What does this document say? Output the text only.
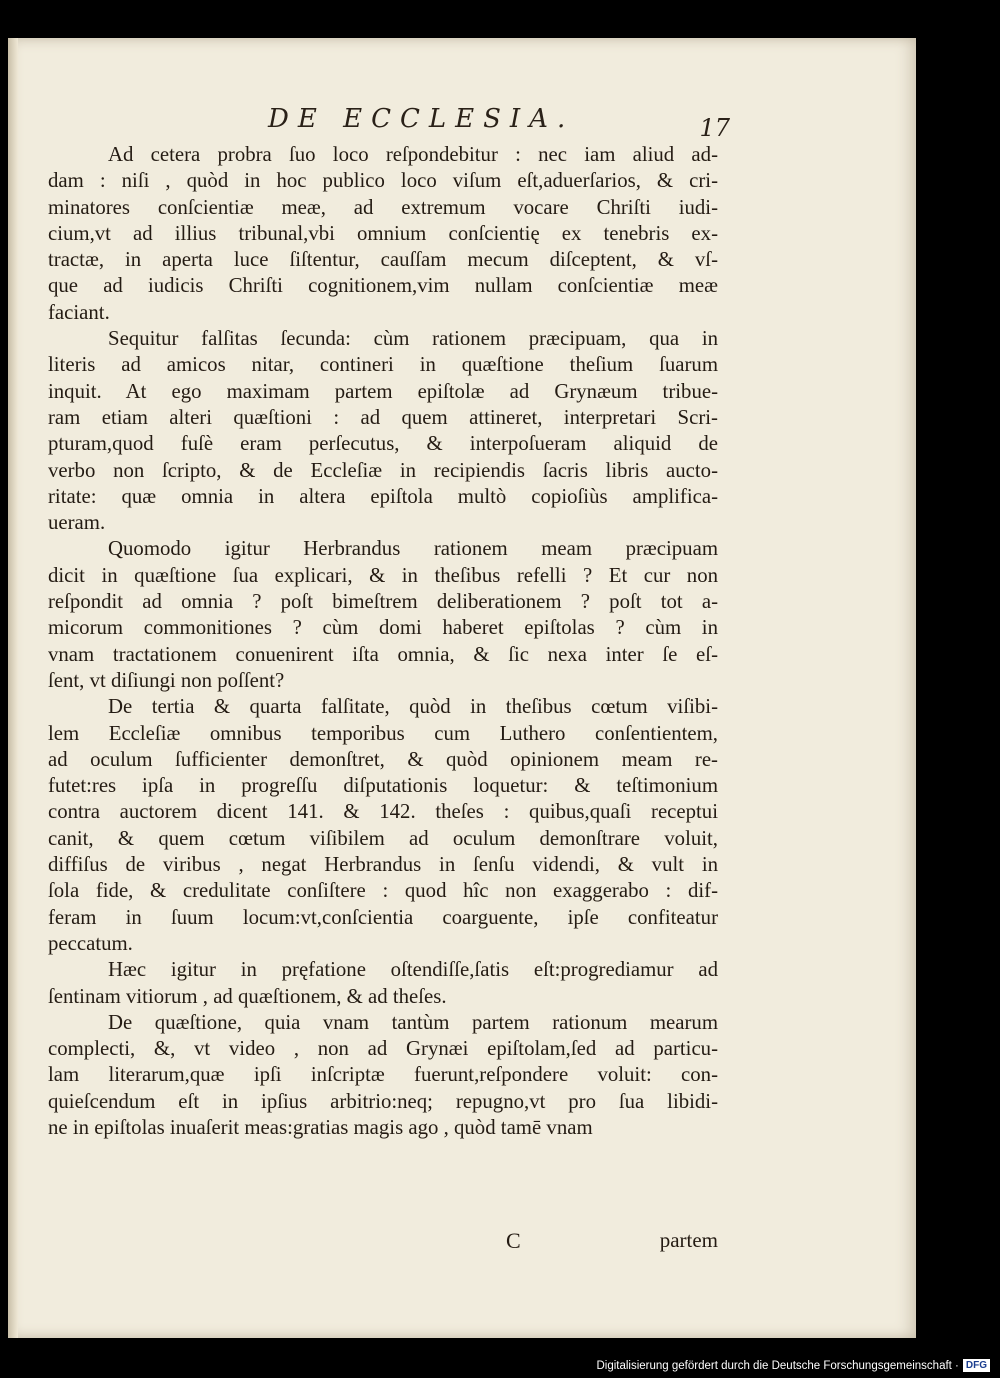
DE ECCLESIA.	17
Ad cetera probra ſuo loco reſpondebitur : nec iam aliud ad-
dam : niſi , quòd in hoc publico loco viſum eſt,aduerſarios, & cri-
minatores conſcientiæ meæ, ad extremum vocare Chriſti iudi-
cium,vt ad illius tribunal,vbi omnium conſcientię ex tenebris ex-
tractæ, in aperta luce ſiſtentur, cauſſam mecum diſceptent, & vſ-
que ad iudicis Chriſti cognitionem,vim nullam conſcientiæ meæ
faciant.
Sequitur falſitas ſecunda: cùm rationem præcipuam, qua in
literis ad amicos nitar, contineri in quæſtione theſium ſuarum
inquit. At ego maximam partem epiſtolæ ad Grynæum tribue-
ram etiam alteri quæſtioni : ad quem attineret, interpretari Scri-
pturam,quod fuſè eram perſecutus, & interpoſueram aliquid de
verbo non ſcripto, & de Eccleſiæ in recipiendis ſacris libris aucto-
ritate: quæ omnia in altera epiſtola multò copioſiùs amplifica-
ueram.
Quomodo igitur Herbrandus rationem meam præcipuam
dicit in quæſtione ſua explicari, & in theſibus refelli ? Et cur non
reſpondit ad omnia ? poſt bimeſtrem deliberationem ? poſt tot a-
micorum commonitiones ? cùm domi haberet epiſtolas ? cùm in
vnam tractationem conuenirent iſta omnia, & ſic nexa inter ſe eſ-
ſent, vt diſiungi non poſſent?
De tertia & quarta falſitate, quòd in theſibus cœtum viſibi-
lem Eccleſiæ omnibus temporibus cum Luthero conſentientem,
ad oculum ſufficienter demonſtret, & quòd opinionem meam re-
futet:res ipſa in progreſſu diſputationis loquetur: & teſtimonium
contra auctorem dicent 141. & 142. theſes : quibus,quaſi receptui
canit, & quem cœtum viſibilem ad oculum demonſtrare voluit,
diffiſus de viribus , negat Herbrandus in ſenſu videndi, & vult in
ſola fide, & credulitate conſiſtere : quod hîc non exaggerabo : dif-
feram in ſuum locum:vt,conſcientia coarguente, ipſe confiteatur
peccatum.
Hæc igitur in pręfatione oſtendiſſe,ſatis eſt:progrediamur ad
ſentinam vitiorum , ad quæſtionem, & ad theſes.
De quæſtione, quia vnam tantùm partem rationum mearum
complecti, &, vt video , non ad Grynæi epiſtolam,ſed ad particu-
lam literarum,quæ ipſi inſcriptæ fuerunt,reſpondere voluit: con-
quieſcendum eſt in ipſius arbitrio:neq; repugno,vt pro ſua libidi-
ne in epiſtolas inuaſerit meas:gratias magis ago , quòd tamē vnam
C	partem
Digitalisierung gefördert durch die Deutsche Forschungsgemeinschaft · DFG
